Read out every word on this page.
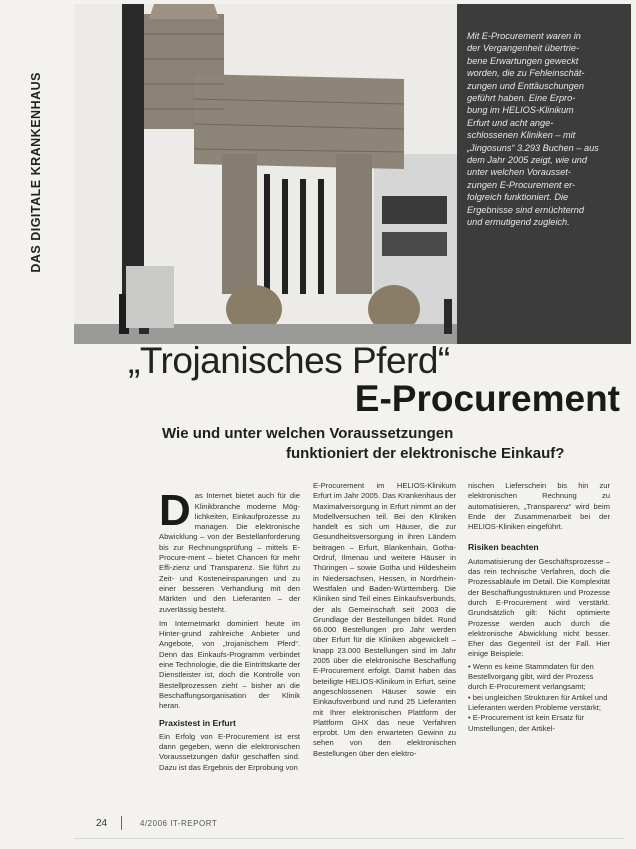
DAS DIGITALE KRANKENHAUS
Mit E-Procurement waren in
der Vergangenheit übertrie-
bene Erwartungen geweckt
worden, die zu Fehleinschät-
zungen und Enttäuschungen
geführt haben. Eine Erpro-
bung im HELIOS-Klinikum
Erfurt und acht ange-
schlossenen Kliniken – mit
„Jingosuns“ 3.293 Buchen – aus
dem Jahr 2005 zeigt, wie und
unter welchen Vorausset-
zungen E-Procurement er-
folgreich funktioniert. Die
Ergebnisse sind ernüchternd
und ermutigend zugleich.
„Trojanisches Pferd“
E-Procurement
Wie und unter welchen Voraussetzungen
funktioniert der elektronische Einkauf?

Das Internet bietet auch für die Klinikbranche moderne Mög-lichkeiten, Einkaufprozesse zu managen. Die elektronische Abwicklung – von der Bestellanforderung bis zur Rechnungsprüfung – mittels E-Procure-ment – bietet Chancen für mehr Effi-zienz und Transparenz. Sie führt zu Zeit- und Kosteneinsparungen und zu einer besseren Verhandlung mit den Märkten und den Lieferanten – der zuverlässig besteht.

Im Internetmarkt dominiert heute im Hinter-grund zahlreiche Anbieter und Angebote, von „trojanischem Pferd“. Denn das Einkaufs-Programm verbindet eine Technologie, die die Eintrittskarte der Dienstleister ist, doch die Kontrolle von Bestellprozessen zieht – bisher an die Beschaffungsorganisation der Klinik heran.

Praxistest in Erfurt

Ein Erfolg von E-Procurement ist erst dann gegeben, wenn die elektronischen Voraussetzungen dafür geschaffen sind. Dazu ist das Ergebnis der Erprobung von

E-Procurement im HELIOS-Klinikum Erfurt im Jahr 2005. Das Krankenhaus der Maximalversorgung in Erfurt nimmt an der Modellversuchen teil. Bei den Kliniken handelt es sich um Häuser, die zur Gesundheitsversorgung in ihren Ländern beitragen – Erfurt, Blankenhain, Gotha-Ordruf, Ilmenau und weitere Häuser in Thüringen – sowie Gotha und Hildesheim in Niedersachsen, Hessen, in Nordrhein-Westfalen und Baden-Württemberg. Die Kliniken sind Teil eines Einkaufsverbunds, der als Gemeinschaft seit 2003 die Grundlage der Bestellungen bildet. Rund 66.000 Bestellungen pro Jahr werden über Erfurt für die Kliniken abgewickelt – knapp 23.000 Bestellungen sind im Jahr 2005 über die elektronische Beschaffung E-Procurement erfolgt. Damit haben das beteiligte HELIOS-Klinikum in Erfurt, seine angeschlossenen Häuser sowie ein Einkaufsverbund und rund 25 Lieferanten mit Ihrer elektronischen Plattform der Plattform GHX das neue Verfahren erprobt. Um den erwarteten Gewinn zu sehen von den elektronischen Bestellungen über den elektro-

nischen Lieferschein bis hin zur elektronischen Rechnung zu automatisieren, „Transparenz“ wird beim Ende der Zusammenarbeit bei der HELIOS-Kliniken eingeführt.

Risiken beachten

Automatisierung der Geschäftsprozesse – das rein technische Verfahren, doch die Prozessabläufe im Detail. Die Komplexität der Beschaffungsstrukturen und Prozesse durch E-Procurement wird verstärkt. Grundsätzlich gilt: Nicht optimierte Prozesse werden auch durch die elektronische Abwicklung nicht besser. Eher das Gegenteil ist der Fall. Hier einige Beispiele:

• Wenn es keine Stammdaten für den Bestellvorgang gibt, wird der Prozess durch E-Procurement verlangsamt;
• bei ungleichen Strukturen für Artikel und Lieferanten werden Probleme verstärkt;
• E-Procurement ist kein Ersatz für Umstellungen, der Artikel-

24	4/2006 IT-REPORT
